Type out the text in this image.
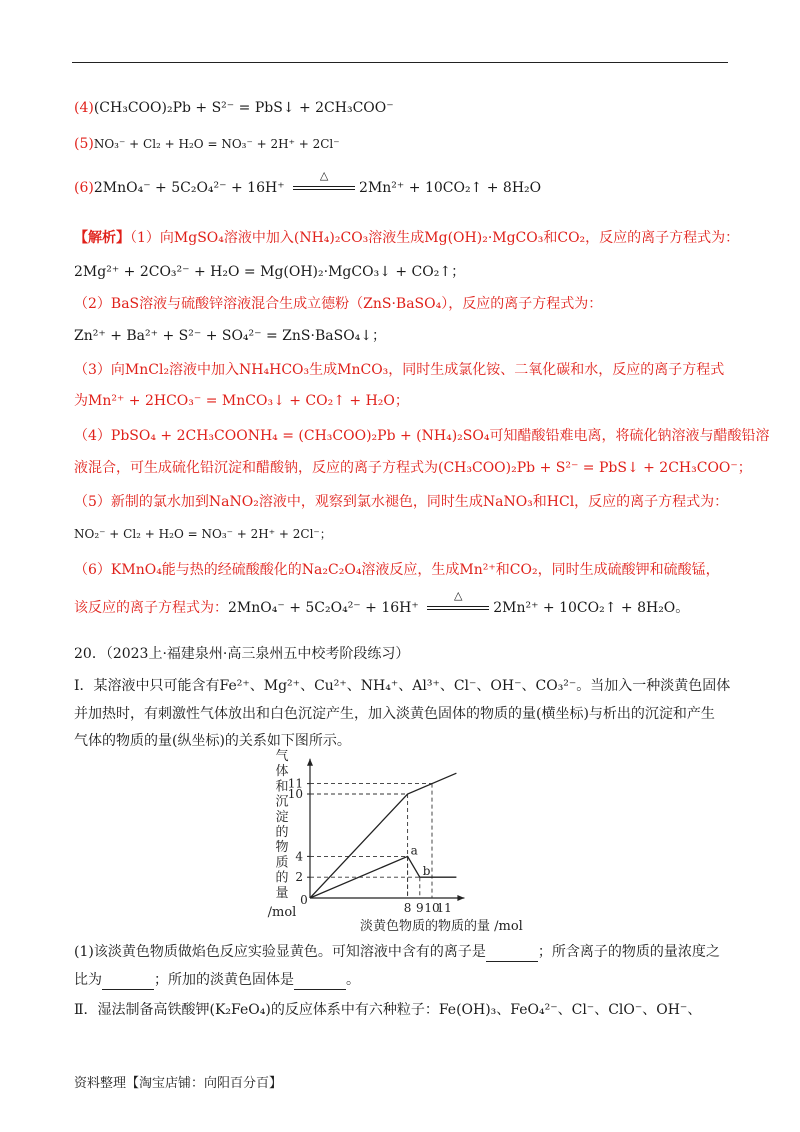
(4)(CH₃COO)₂Pb + S²⁻ = PbS↓ + 2CH₃COO⁻
(5)NO₃⁻ + Cl₂ + H₂O = NO₃⁻ + 2H⁺ + 2Cl⁻
(6)2MnO₄⁻ + 5C₂O₄²⁻ + 16H⁺
△
2Mn²⁺ + 10CO₂↑ + 8H₂O
【解析】（1）向MgSO₄溶液中加入(NH₄)₂CO₃溶液生成Mg(OH)₂·MgCO₃和CO₂，反应的离子方程式为：
2Mg²⁺ + 2CO₃²⁻ + H₂O = Mg(OH)₂·MgCO₃↓ + CO₂↑；
（2）BaS溶液与硫酸锌溶液混合生成立德粉（ZnS·BaSO₄），反应的离子方程式为：
Zn²⁺ + Ba²⁺ + S²⁻ + SO₄²⁻ = ZnS·BaSO₄↓；
（3）向MnCl₂溶液中加入NH₄HCO₃生成MnCO₃，同时生成氯化铵、二氧化碳和水，反应的离子方程式
为Mn²⁺ + 2HCO₃⁻ = MnCO₃↓ + CO₂↑ + H₂O；
（4）PbSO₄ + 2CH₃COONH₄ = (CH₃COO)₂Pb + (NH₄)₂SO₄可知醋酸铅难电离，将硫化钠溶液与醋酸铅溶
液混合，可生成硫化铅沉淀和醋酸钠，反应的离子方程式为(CH₃COO)₂Pb + S²⁻ = PbS↓ + 2CH₃COO⁻；
（5）新制的氯水加到NaNO₂溶液中，观察到氯水褪色，同时生成NaNO₃和HCl，反应的离子方程式为：
NO₂⁻ + Cl₂ + H₂O = NO₃⁻ + 2H⁺ + 2Cl⁻；
（6）KMnO₄能与热的经硫酸酸化的Na₂C₂O₄溶液反应，生成Mn²⁺和CO₂，同时生成硫酸钾和硫酸锰，
该反应的离子方程式为：2MnO₄⁻ + 5C₂O₄²⁻ + 16H⁺
△
2Mn²⁺ + 10CO₂↑ + 8H₂O。
20．（2023上·福建泉州·高三泉州五中校考阶段练习）
Ⅰ．某溶液中只可能含有Fe²⁺、Mg²⁺、Cu²⁺、NH₄⁺、Al³⁺、Cl⁻、OH⁻、CO₃²⁻。当加入一种淡黄色固体
并加热时，有刺激性气体放出和白色沉淀产生，加入淡黄色固体的物质的量(横坐标)与析出的沉淀和产生
气体的物质的量(纵坐标)的关系如下图所示。
气
体
和
沉
淀
的
物
质
的
量
/mol
0
8 9 10
11
2
4
10
11
a
b
淡黄色物质的物质的量 /mol
(1)该淡黄色物质做焰色反应实验显黄色。可知溶液中含有的离子是	；所含离子的物质的量浓度之
比为	；所加的淡黄色固体是	。
Ⅱ．湿法制备高铁酸钾(K₂FeO₄)的反应体系中有六种粒子：Fe(OH)₃、FeO₄²⁻、Cl⁻、ClO⁻、OH⁻、
资料整理【淘宝店铺：向阳百分百】
